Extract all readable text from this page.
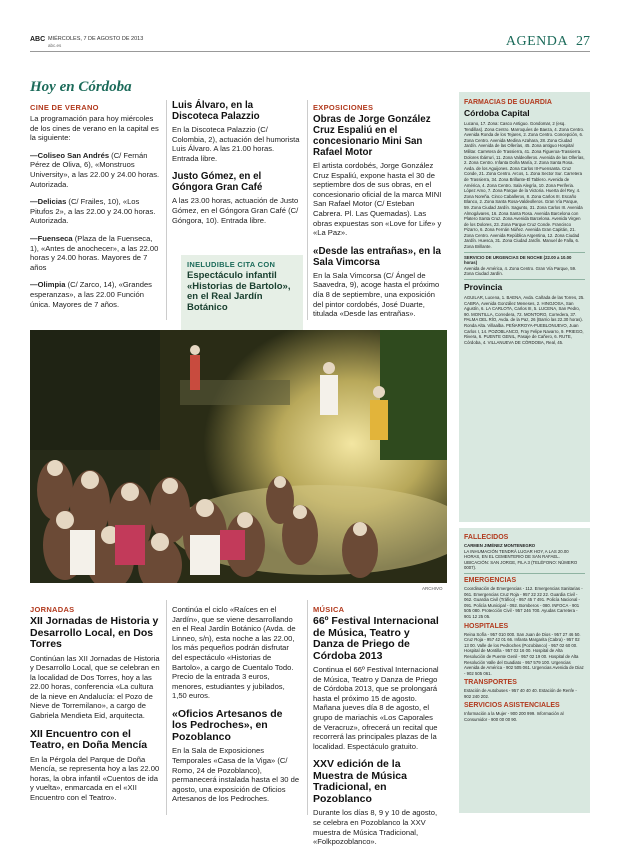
ABC MIÉRCOLES, 7 DE AGOSTO DE 2013
abc.es	AGENDA 27
Hoy en Córdoba
CINE DE VERANO

La programación para hoy miércoles de los cines de verano en la capital es la siguiente:

—Coliseo San Andrés (C/ Fernán Pérez de Oliva, 6), «Monstruos University», a las 22.00 y 24.00 horas. Autorizada.

—Delicias (C/ Frailes, 10), «Los Pitufos 2», a las 22.00 y 24.00 horas. Autorizada.

—Fuenseca (Plaza de la Fuenseca, 1), «Antes de anochecer», a las 22.00 horas y 24.00 horas. Mayores de 7 años

—Olimpia (C/ Zarco, 14), «Grandes esperanzas», a las 22.00 Función única. Mayores de 7 años.

Luis Álvaro, en la Discoteca Palazzio

En la Discoteca Palazzio (C/ Colombia, 2), actuación del humorista Luis Álvaro. A las 21.00 horas. Entrada libre.

Justo Gómez, en el Góngora Gran Café

A las 23.00 horas, actuación de Justo Gómez, en el Góngora Gran Café (C/ Góngora, 10). Entrada libre.

INELUDIBLE CITA CON
Espectáculo infantil «Historias de Bartolo», en el Real Jardín Botánico
EXPOSICIONES
Obras de Jorge González Cruz Espaliú en el concesionario Mini San Rafael Motor

El artista cordobés, Jorge González Cruz Espaliú, expone hasta el 30 de septiembre dos de sus obras, en el concesionario oficial de la marca MINI San Rafael Motor (C/ Esteban Cabrera. Pl. Las Quemadas). Las obras expuestas son «Love for Life» y «La Paz».

«Desde las entrañas», en la Sala Vimcorsa

En la Sala Vimcorsa (C/ Ángel de Saavedra, 9), acoge hasta el próximo día 8 de septiembre, una exposición del pintor cordobés, José Duarte, titulada «Desde las entrañas».

ARCHIVO
JORNADAS
XII Jornadas de Historia y Desarrollo Local, en Dos Torres

Continúan las XII Jornadas de Historia y Desarrollo Local, que se celebran en la localidad de Dos Torres, hoy a las 22.00 horas, conferencia «La cultura de la nieve en Andalucía: el Pozo de Nieve de Torremilano», a cargo de Gabriela Mendieta Eid, arquitecta.

XII Encuentro con el Teatro, en Doña Mencía

En la Pérgola del Parque de Doña Mencía, se representa hoy a las 22.00 horas, la obra infantil «Cuentos de ida y vuelta», enmarcada en el «XII Encuentro con el Teatro».

Continúa el ciclo «Raíces en el Jardín», que se viene desarrollando en el Real Jardín Botánico (Avda. de Linneo, s/n), esta noche a las 22.00, los más pequeños podrán disfrutar del espectáculo «Historias de Bartolo», a cargo de Cuentalo Todo. Precio de la entrada 3 euros, menores, estudiantes y jubilados, 1,50 euros.

«Oficios Artesanos de los Pedroches», en Pozoblanco

En la Sala de Exposiciones Temporales «Casa de la Viga» (C/ Romo, 24 de Pozoblanco), permanecerá instalada hasta el 30 de agosto, una exposición de Oficios Artesanos de los Pedroches.

MÚSICA
66º Festival Internacional de Música, Teatro y Danza de Priego de Córdoba 2013

Continua el 66º Festival Internacional de Música, Teatro y Danza de Priego de Córdoba 2013, que se prolongará hasta el próximo 15 de agosto. Mañana jueves día 8 de agosto, el grupo de mariachis «Los Caporales de Veracruz», ofrecerá un recital que recorrerá las principales plazas de la localidad. Espectáculo gratuito.

XXV edición de la Muestra de Música Tradicional, en Pozoblanco

Durante los días 8, 9 y 10 de agosto, se celebra en Pozoblanco la XXV muestra de Música Tradicional, «Folkpozoblanco».

FARMACIAS DE GUARDIA
Córdoba Capital
Lucano, 17. Zona: Casco Antiguo. Gondomar, 2 (esq. Tendillas). Zona Centro. Marroquíes de Baeza, 4. Zona Centro. Avenida Ronda de los Tejares, 2. Zona Centro. Concepción, 6. Zona Centro. Avenida Medina Azahara, 28. Zona Ciudad Jardín. Avenida de las Ollerías, 45. Zona antiguo Hospital Militar. Carretera de Trassierra, 41. Zona Figueroa-Trassierra. Dolores Ibárruri, 11. Zona Valdeolleros. Avenida de las Ollerías, 2. Zona Centro. Infanta Doña María, 2. Zona Santa Rosa. Avda. de los Aguijones. Zona Carlos III-Fuensanta. Cruz Conde, 21. Zona Centro. Arcos, 1. Zona Sector Sur. Carretera de Trassierra, 34. Zona Brillante-El Tablero. Avenida de América, 4. Zona Centro. Sala Alegría, 10. Zona Periferia. López Amo, 7. Zona Parque de la Victoria. Huerta del Rey, 4. Zona Noreña. Cinco Caballeros, 8. Zona Carlos III. Escaño Blanco, 2. Zona Santa Rosa-Valdeolleros. Gran Vía Parque, 59. Zona Ciudad Jardín. Sagunto, 31. Zona Carlos III. Avenida Almogávares, 16. Zona Santa Rosa. Avenida Barcelona con Platero Santa Cruz. Zona Avenida Barcelona. Avenida Virgen de los Dolores, 23. Zona Parque Cruz Conde. Francisco Pizarro, 6. Zona Fernán Núñez. Avenida Gran Capitán, 21. Zona Centro. Avenida República Argentina, 12. Zona Ciudad Jardín. Huesca, 31. Zona Ciudad Jardín. Manuel de Falla, 6. Zona Brillante.
SERVICIO DE URGENCIAS DE NOCHE (22.00 a 10.00 horas)
Avenida de América, 4. Zona Centro. Gran Vía Parque, 59. Zona Ciudad Jardín.
Provincia
AGUILAR, Lucena, 1. BAENA, Avda. Cañada de las Torres, 25. CABRA, Avenida González Meneses, 2. HINOJOSA, San Agustín, 6. LA CARLOTA, Carlos III, 5. LUCENA, San Pedro, 90. MONTILLA, Corredera, 72. MONTORO, Corredera, 37. PALMA DEL RÍO, Avda. de la Paz, 26 (Barrio las 22.30 horas). Ronda Alta. Villaalba. PEÑARROYA-PUEBLONUEVO, Juan Carlos I, 14. POZOBLANCO, Fray Felipe Navarro, 9. PRIEGO, Rivera, 6. PUENTE GENIL, Pasaje de Cañero, 6. RUTE, Córdoba, 4. VILLANUEVA DE CÓRDOBA, Real, 45.
FALLECIDOS
CARMEN JIMÉNEZ MONTENEGRO
LA INHUMACIÓN TENDRÁ LUGAR HOY, A LAS 20.00 HORAS, EN EL CEMENTERIO DE SAN RAFAEL. UBICACIÓN: SAN JORGE, FILA 3 (TELÉFONO: NÚMERO 0007).
EMERGENCIAS
Coordinación de Emergencias - 112. Emergencias Sanitarias - 061. Emergencias Cruz Roja - 957 22 22 22. Guardia Civil - 062. Guardia Civil (Tráfico) - 957 45 7 491. Policía Nacional - 091. Policía Municipal - 092. Bomberos - 080. INFOCA - 901 505 080. Protección Civil - 957 246 700. Ayudas Carretera - 901 12 25 05.
HOSPITALES
Reina Sofía - 957 010 000. San Juan de Dios - 957 27 46 50. Cruz Roja - 957 42 01 66. Infanta Margarita (Cabra) - 957 02 13 00. Valle de los Pedroches (Pozoblanco) - 957 02 60 00. Hospital de Montilla - 957 02 16 00. Hospital de Alta Resolución de Puente Genil - 957 02 19 00. Hospital de Alta Resolución Valle del Guadiato - 957 579 100. Urgencias Avenida de América - 902 505 061. Urgencias Avenida de Diaz - 902 505 061.
TRANSPORTES
Estación de Autobuses - 957 40 40 40. Estación de Renfe - 902 240 202.
SERVICIOS ASISTENCIALES
Información a la Mujer - 900 200 999. Información al Consumidor - 900 00 00 90.
